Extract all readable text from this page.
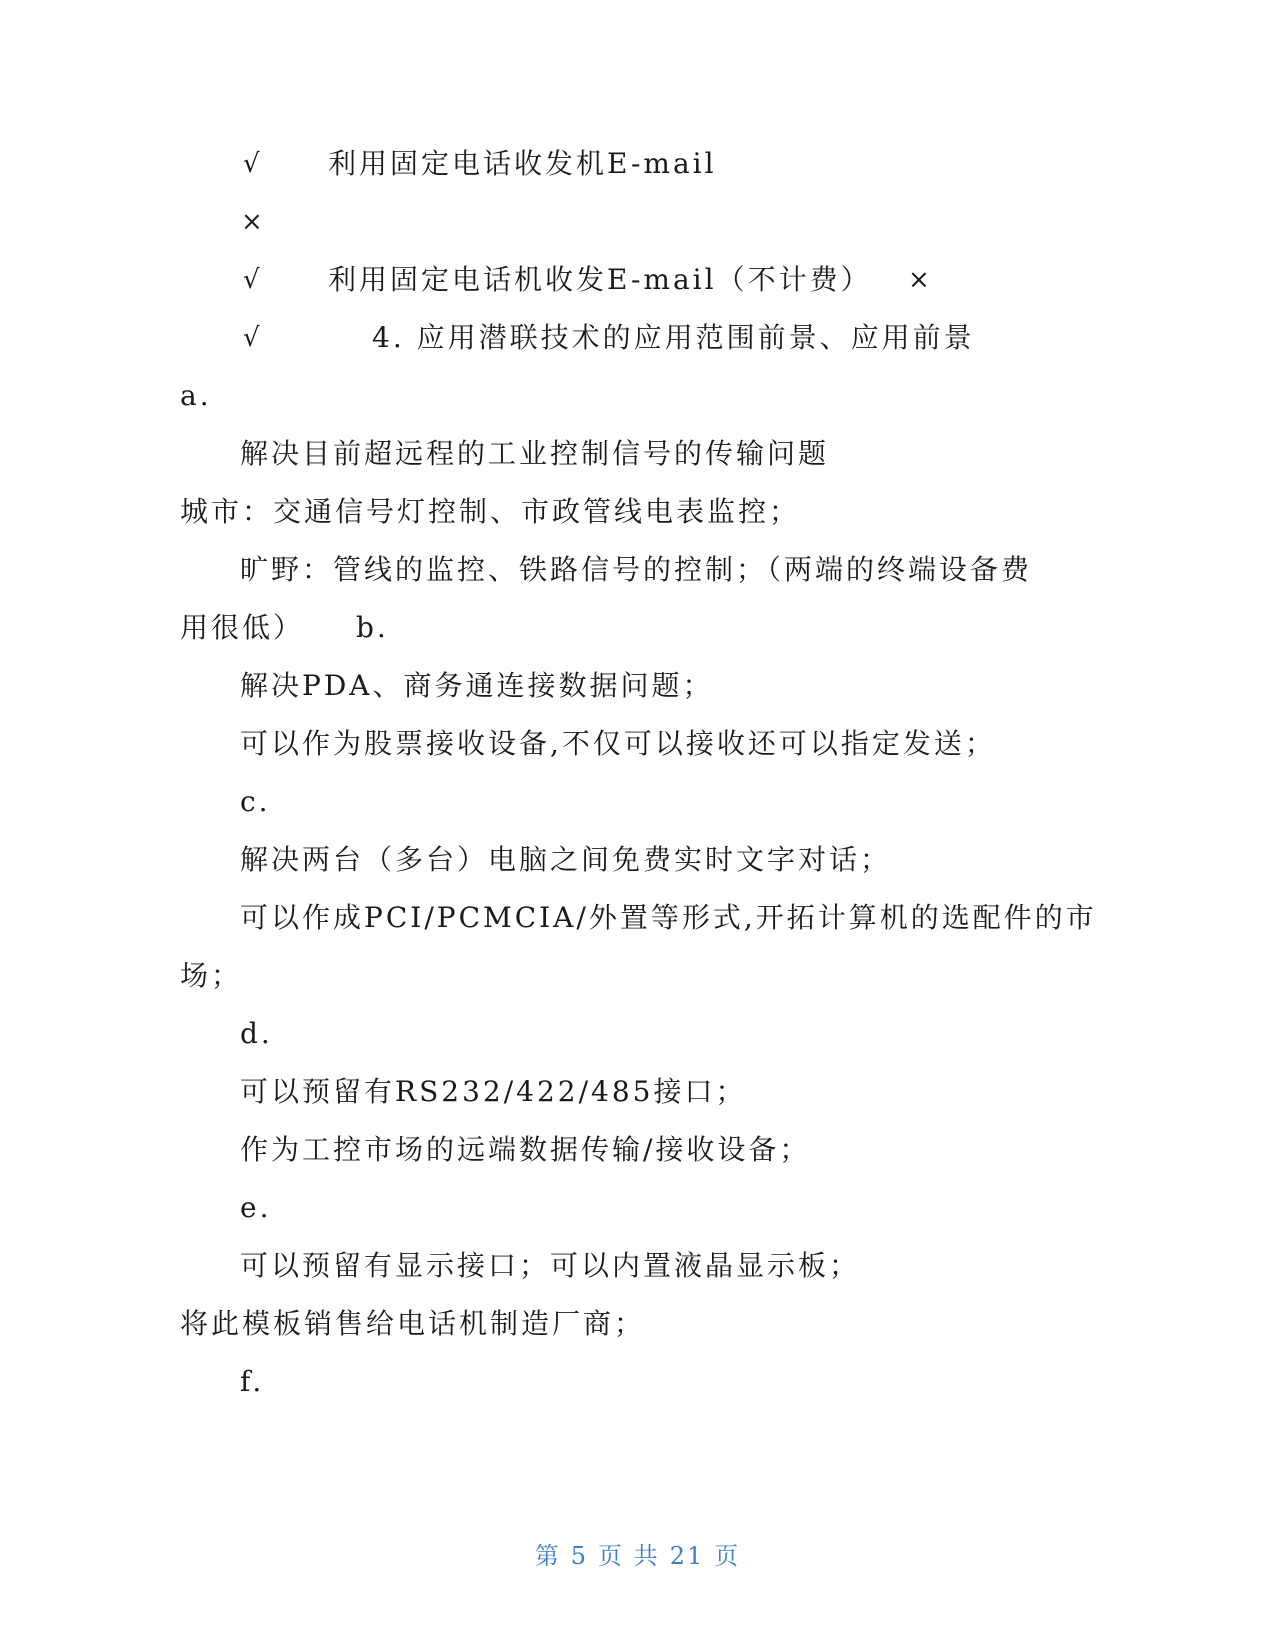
√ 利用固定电话收发机E-mail
×
√ 利用固定电话机收发E-mail（不计费） ×
√	4. 应用潜联技术的应用范围前景、应用前景
a.
解决目前超远程的工业控制信号的传输问题
城市：交通信号灯控制、市政管线电表监控；
旷野：管线的监控、铁路信号的控制；（两端的终端设备费
用很低） b.
解决PDA、商务通连接数据问题；
可以作为股票接收设备,不仅可以接收还可以指定发送；
c.
解决两台（多台）电脑之间免费实时文字对话；
可以作成PCI/PCMCIA/外置等形式,开拓计算机的选配件的市
场；
d.
可以预留有RS232/422/485接口；
作为工控市场的远端数据传输/接收设备；
e.
可以预留有显示接口；可以内置液晶显示板；
将此模板销售给电话机制造厂商；
f.
第 5 页 共 21 页
